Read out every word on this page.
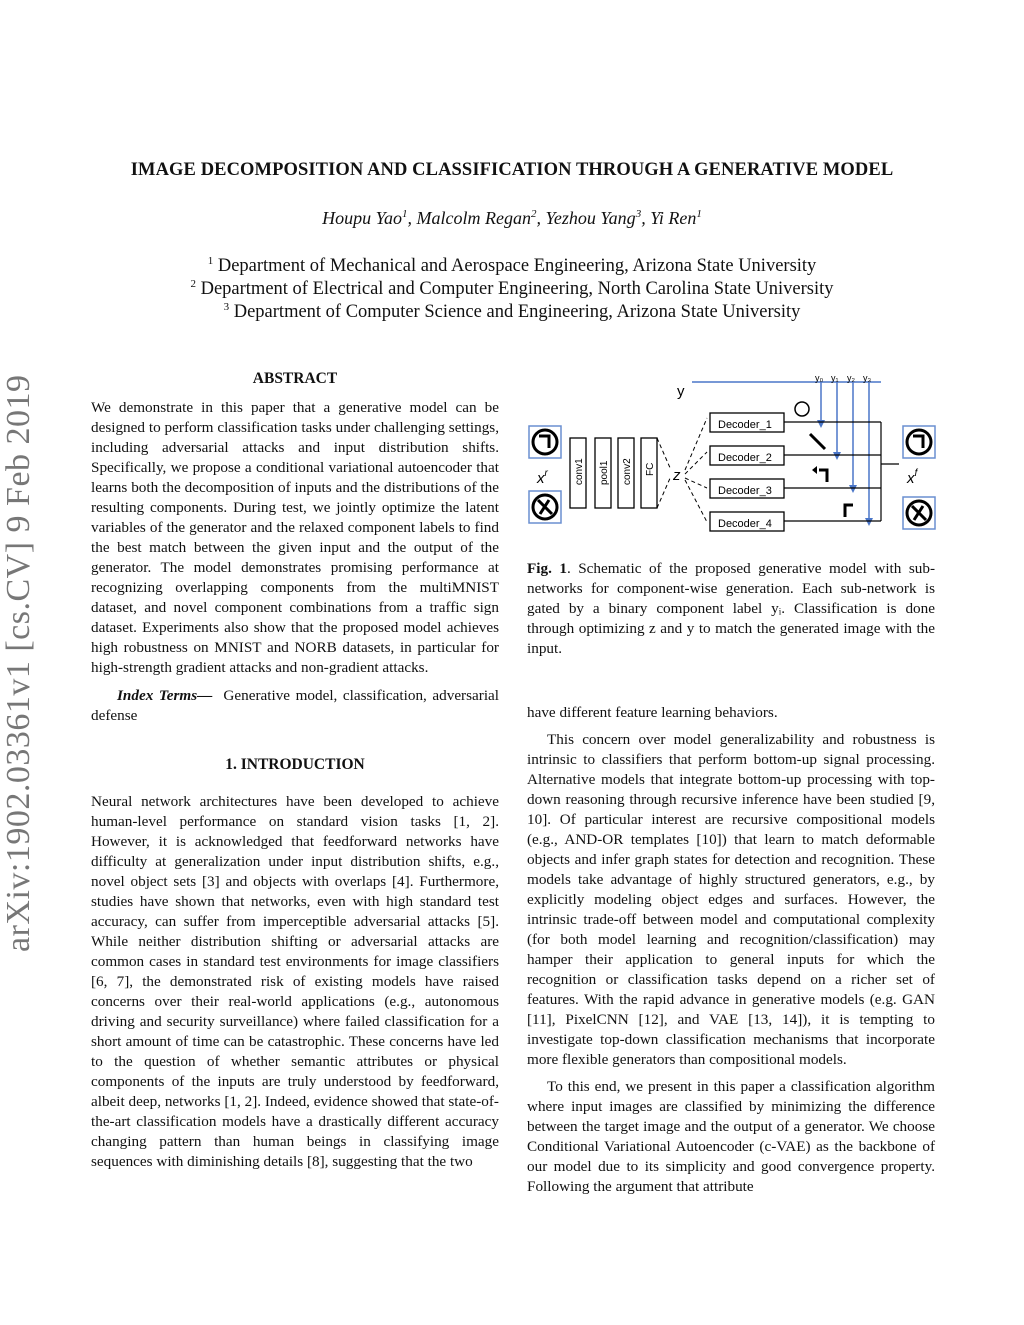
arXiv:1902.03361v1 [cs.CV] 9 Feb 2019
IMAGE DECOMPOSITION AND CLASSIFICATION THROUGH A GENERATIVE MODEL
Houpu Yao$^1$, Malcolm Regan$^2$, Yezhou Yang$^3$, Yi Ren$^1$
$^1$ Department of Mechanical and Aerospace Engineering, Arizona State University
$^2$ Department of Electrical and Computer Engineering, North Carolina State University
$^3$ Department of Computer Science and Engineering, Arizona State University

ABSTRACT

We demonstrate in this paper that a generative model can be designed to perform classification tasks under challenging settings, including adversarial attacks and input distribution shifts. Specifically, we propose a conditional variational autoencoder that learns both the decomposition of inputs and the distributions of the resulting components. During test, we jointly optimize the latent variables of the generator and the relaxed component labels to find the best match between the given input and the output of the generator. The model demonstrates promising performance at recognizing overlapping components from the multiMNIST dataset, and novel component combinations from a traffic sign dataset. Experiments also show that the proposed model achieves high robustness on MNIST and NORB datasets, in particular for high-strength gradient attacks and non-gradient attacks.

Index Terms— Generative model, classification, adversarial defense

1. INTRODUCTION

Neural network architectures have been developed to achieve human-level performance on standard vision tasks [1, 2]. However, it is acknowledged that feedforward networks have difficulty at generalization under input distribution shifts, e.g., novel object sets [3] and objects with overlaps [4]. Furthermore, studies have shown that networks, even with high standard test accuracy, can suffer from imperceptible adversarial attacks [5]. While neither distribution shifting or adversarial attacks are common cases in standard test environments for image classifiers [6, 7], the demonstrated risk of existing models have raised concerns over their real-world applications (e.g., autonomous driving and security surveillance) where failed classification for a short amount of time can be catastrophic. These concerns have led to the question of whether semantic attributes or physical components of the inputs are truly understood by feedforward, albeit deep, networks [1, 2]. Indeed, evidence showed that state-of-the-art classification models have a drastically different accuracy changing pattern than human beings in classifying image sequences with diminishing details [8], suggesting that the two

y
y₀ y₁ y₂ y₃
$x^r$	conv1 pool1 conv2 FC z
Decoder_1
Decoder_2
Decoder_3
Decoder_4
$x^f$

Fig. 1. Schematic of the proposed generative model with sub-networks for component-wise generation. Each sub-network is gated by a binary component label yᵢ. Classification is done through optimizing z and y to match the generated image with the input.

have different feature learning behaviors.

This concern over model generalizability and robustness is intrinsic to classifiers that perform bottom-up signal processing. Alternative models that integrate bottom-up processing with top-down reasoning through recursive inference have been studied [9, 10]. Of particular interest are recursive compositional models (e.g., AND-OR templates [10]) that learn to match deformable objects and infer graph states for detection and recognition. These models take advantage of highly structured generators, e.g., by explicitly modeling object edges and surfaces. However, the intrinsic trade-off between model and computational complexity (for both model learning and recognition/classification) may hamper their application to general inputs for which the recognition or classification tasks depend on a richer set of features. With the rapid advance in generative models (e.g. GAN [11], PixelCNN [12], and VAE [13, 14]), it is tempting to investigate top-down classification mechanisms that incorporate more flexible generators than compositional models.

To this end, we present in this paper a classification algorithm where input images are classified by minimizing the difference between the target image and the output of a generator. We choose Conditional Variational Autoencoder (c-VAE) as the backbone of our model due to its simplicity and good convergence property. Following the argument that attribute
